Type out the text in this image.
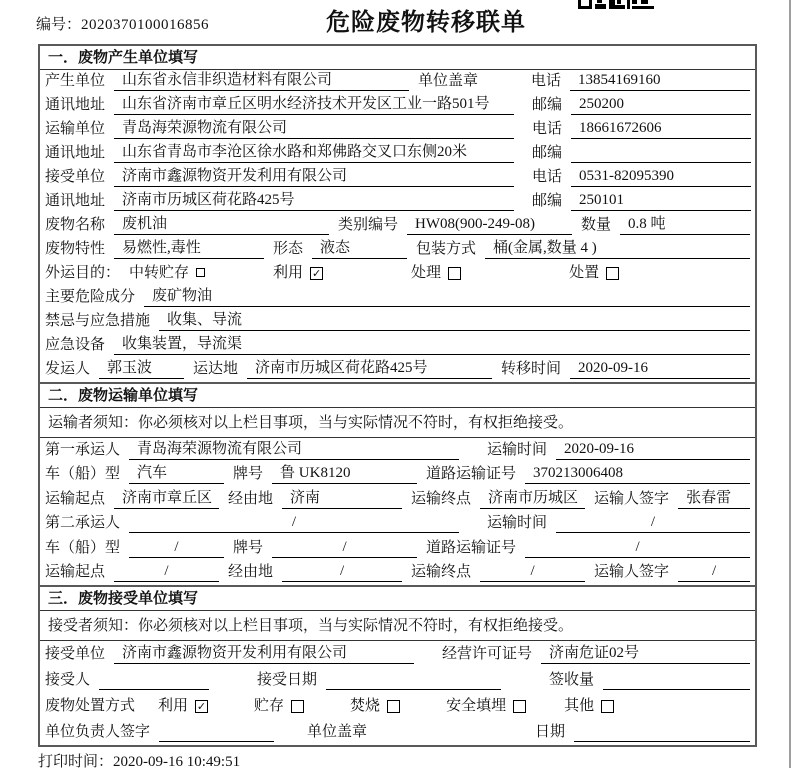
编号：2020370100016856	危险废物转移联单
一．废物产生单位填写
产生单位	山东省永信非织造材料有限公司	单位盖章	电话	13854169160
通讯地址	山东省济南市章丘区明水经济技术开发区工业一路501号	邮编	250200
运输单位	青岛海荣源物流有限公司	电话	18661672606
通讯地址	山东省青岛市李沧区徐水路和郑佛路交叉口东侧20米	邮编
接受单位	济南市鑫源物资开发利用有限公司	电话	0531-82095390
通讯地址	济南市历城区荷花路425号	邮编	250101
废物名称	废机油	类别编号	HW08(900-249-08)	数量	0.8 吨
废物特性	易燃性,毒性	形态	液态	包装方式	桶(金属,数量 4 )
外运目的： 中转贮存	利用 ✓	处理	处置
主要危险成分	废矿物油
禁忌与应急措施	收集、导流
应急设备	收集装置，导流渠
发运人	郭玉波	运达地	济南市历城区荷花路425号	转移时间	2020-09-16
二．废物运输单位填写
运输者须知：你必须核对以上栏目事项，当与实际情况不符时，有权拒绝接受。
第一承运人	青岛海荣源物流有限公司	运输时间	2020-09-16
车（船）型	汽车	牌号	鲁 UK8120	道路运输证号	370213006408
运输起点	济南市章丘区	经由地	济南	运输终点	济南市历城区	运输人签字	张春雷
第二承运人	/	运输时间	/
车（船）型	/	牌号	/	道路运输证号	/
运输起点	/	经由地	/	运输终点	/	运输人签字	/
三．废物接受单位填写
接受者须知：你必须核对以上栏目事项，当与实际情况不符时，有权拒绝接受。
接受单位	济南市鑫源物资开发利用有限公司	经营许可证号	济南危证02号
接受人	接受日期	签收量
废物处置方式 利用 ✓	贮存	焚烧	安全填埋	其他
单位负责人签字	单位盖章	日期
打印时间：2020-09-16 10:49:51
